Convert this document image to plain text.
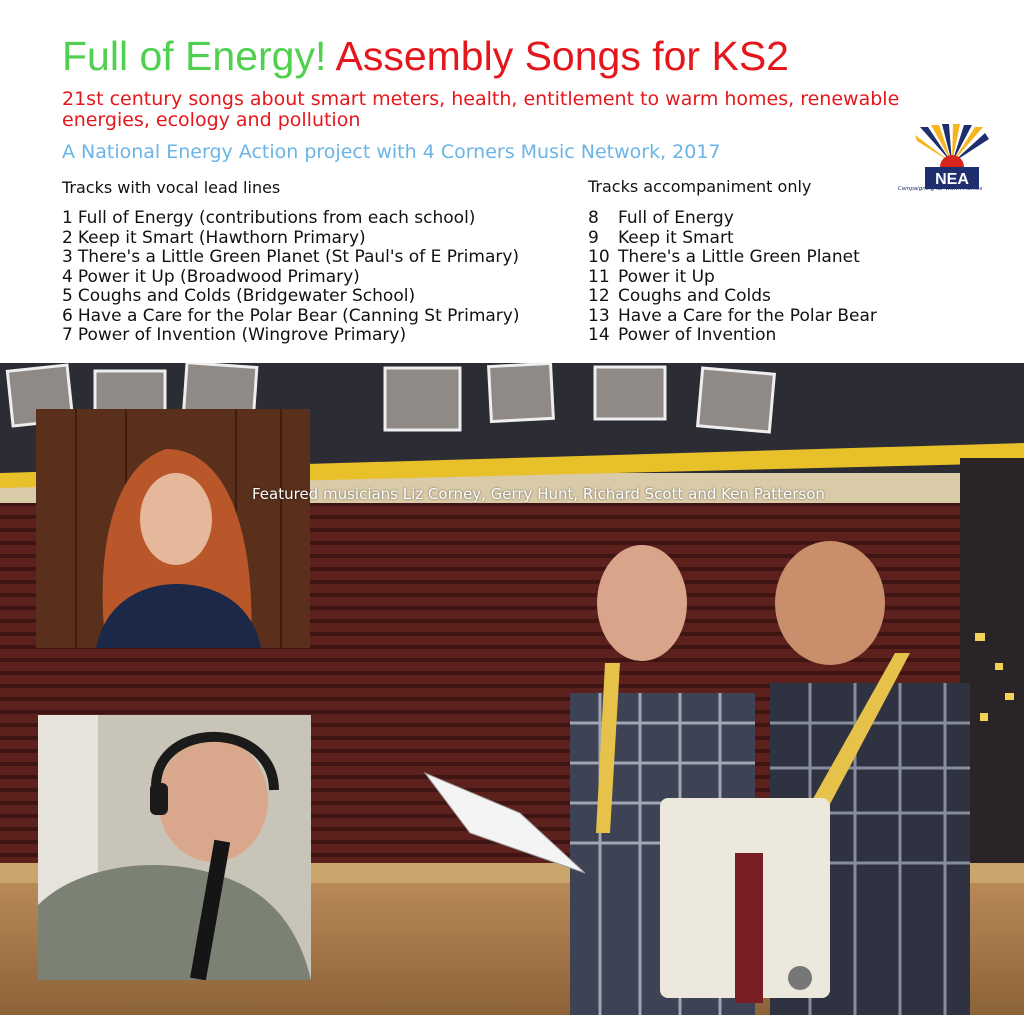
Full of Energy! Assembly Songs for KS2

21st century songs about smart meters, health, entitlement to warm homes, renewable energies, ecology and pollution

A National Energy Action project with 4 Corners Music Network, 2017

NEA
Campaigning for Warm Homes
Tracks with vocal lead lines	Tracks accompaniment only
1 Full of Energy (contributions from each school)
2 Keep it Smart (Hawthorn Primary)
3 There's a Little Green Planet (St Paul's of E Primary)
4 Power it Up (Broadwood Primary)
5 Coughs and Colds (Bridgewater School)
6 Have a Care for the Polar Bear (Canning St Primary)
7 Power of Invention (Wingrove Primary)
8 Full of Energy
9 Keep it Smart
10 There's a Little Green Planet
11 Power it Up
12 Coughs and Colds
13 Have a Care for the Polar Bear
14 Power of Invention

Featured musicians Liz Corney, Gerry Hunt, Richard Scott and Ken Patterson
